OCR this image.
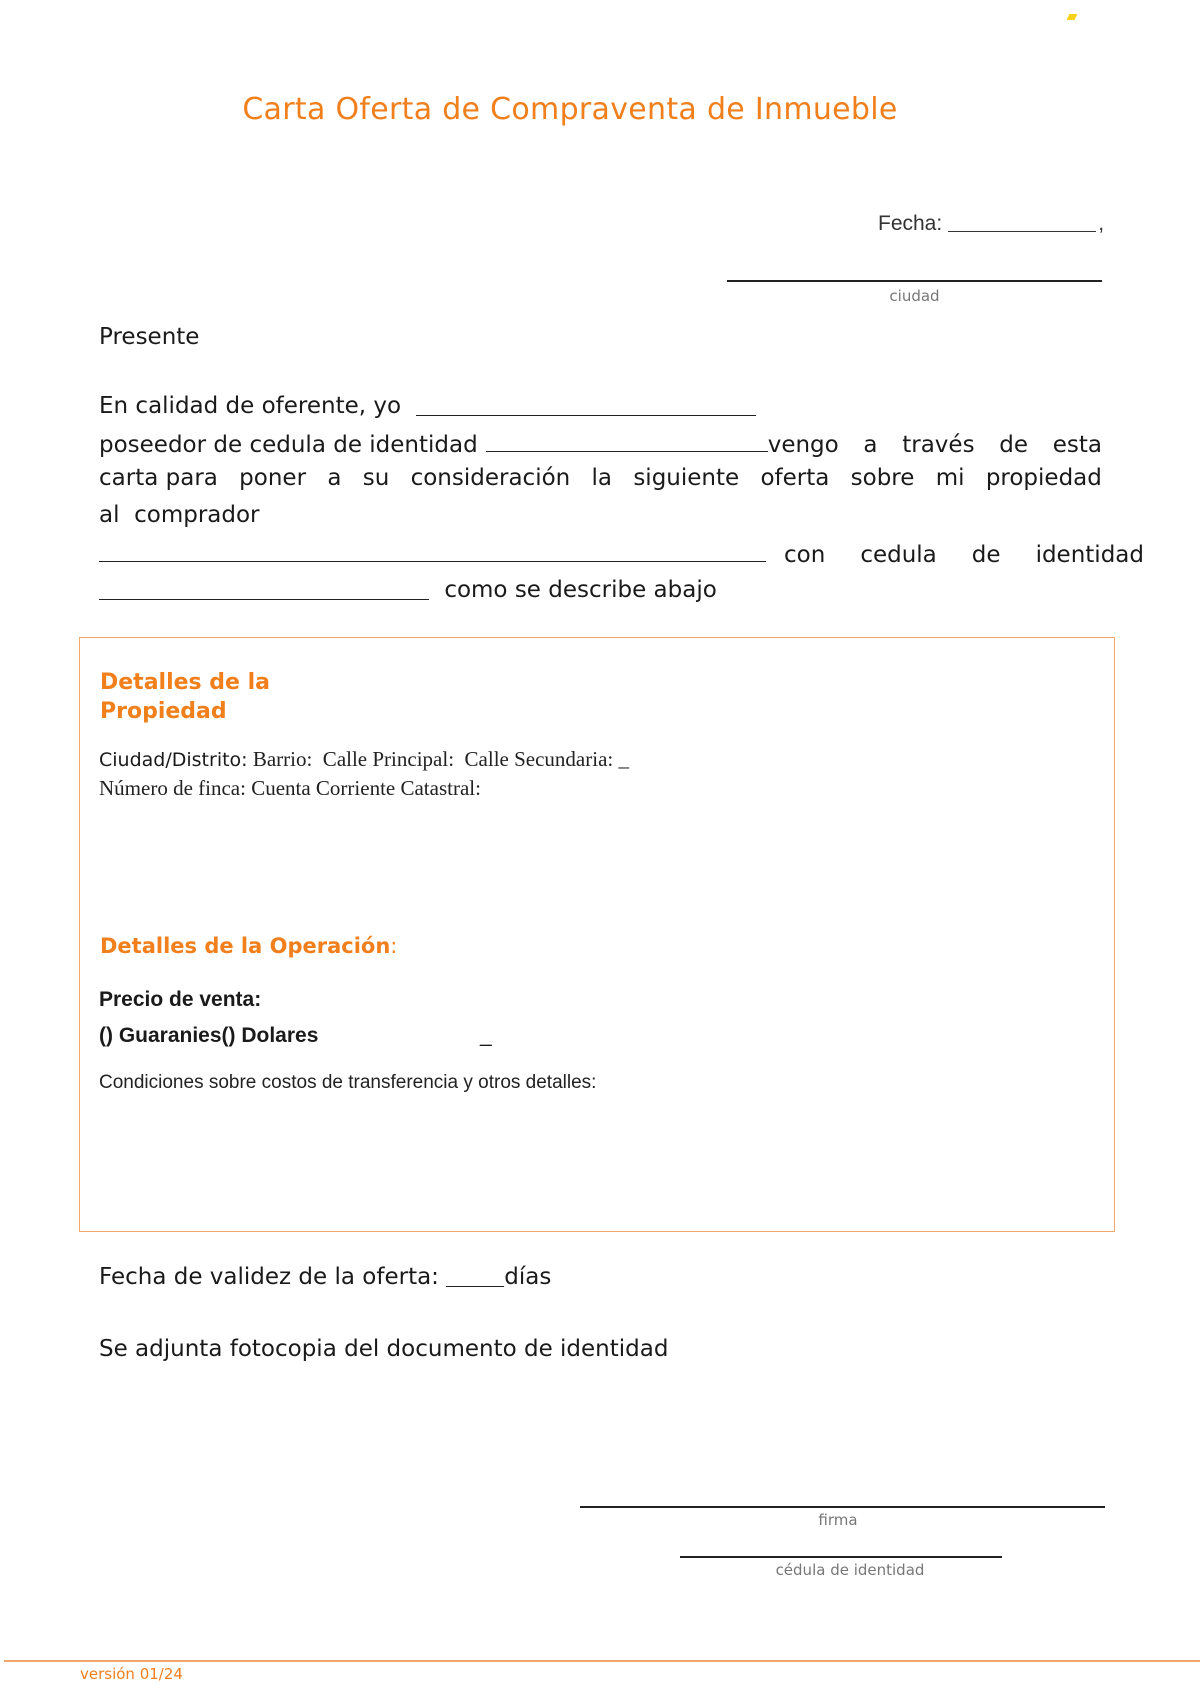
Carta Oferta de Compraventa de Inmueble
Fecha:	,
ciudad
Presente
En calidad de oferente, yo
poseedor de cedula de identidad	vengo a través de esta
carta para poner a su consideración la siguiente oferta sobre mi propiedad
al  comprador
con cedula de identidad
como se describe abajo
Detalles de la
Propiedad
Ciudad/Distrito: Barrio:  Calle Principal:  Calle Secundaria: _
Número de finca: Cuenta Corriente Catastral:
Detalles de la Operación:
Precio de venta:
() Guaranies() Dolares	_
Condiciones sobre costos de transferencia y otros detalles:
Fecha de validez de la oferta:	días
Se adjunta fotocopia del documento de identidad
firma
cédula de identidad
versión 01/24
